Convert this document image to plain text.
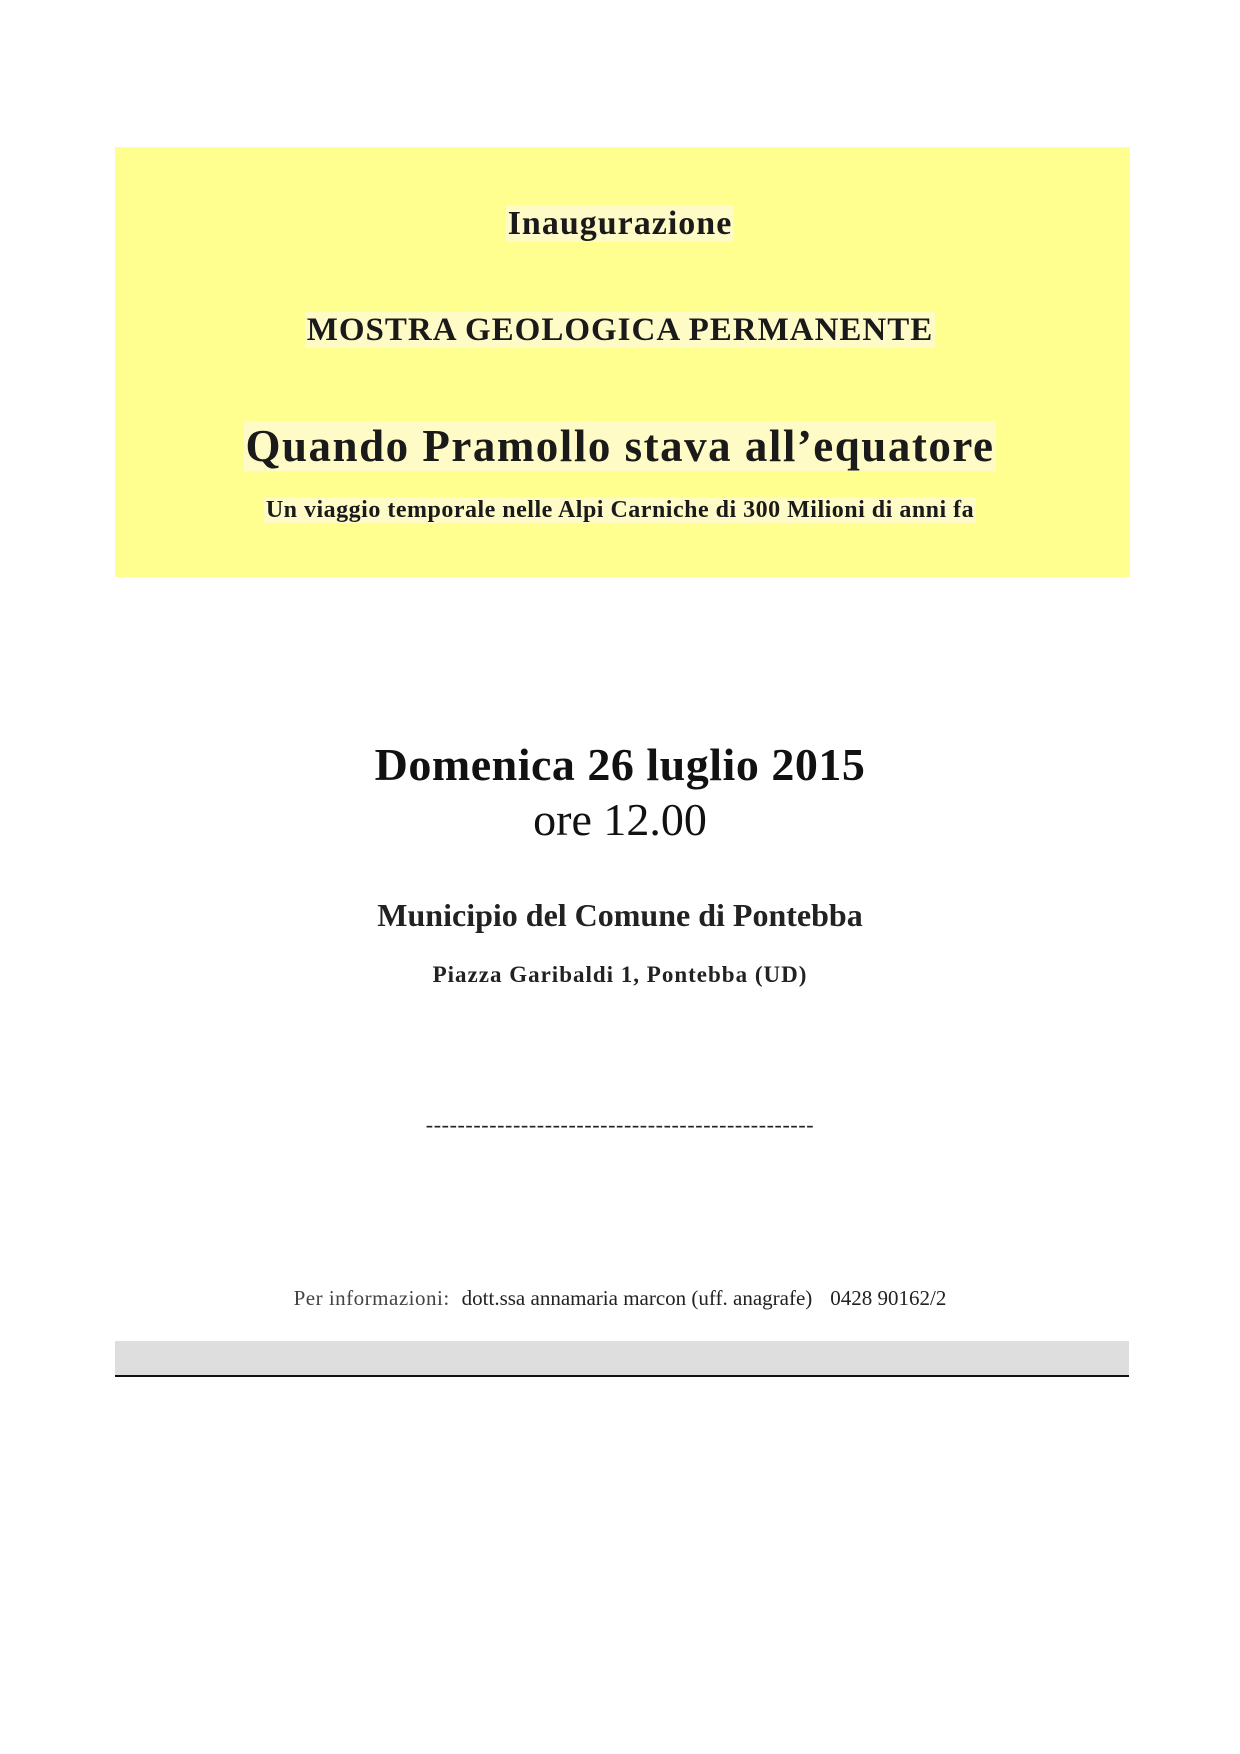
Inaugurazione
MOSTRA GEOLOGICA PERMANENTE
Quando Pramollo stava all’equatore
Un viaggio temporale nelle Alpi Carniche di 300 Milioni di anni fa
Domenica 26 luglio 2015
ore 12.00
Municipio del Comune di Pontebba
Piazza Garibaldi 1, Pontebba (UD)
-------------------------------------------------
Per informazioni: dott.ssa annamaria marcon (uff. anagrafe) 0428 90162/2
